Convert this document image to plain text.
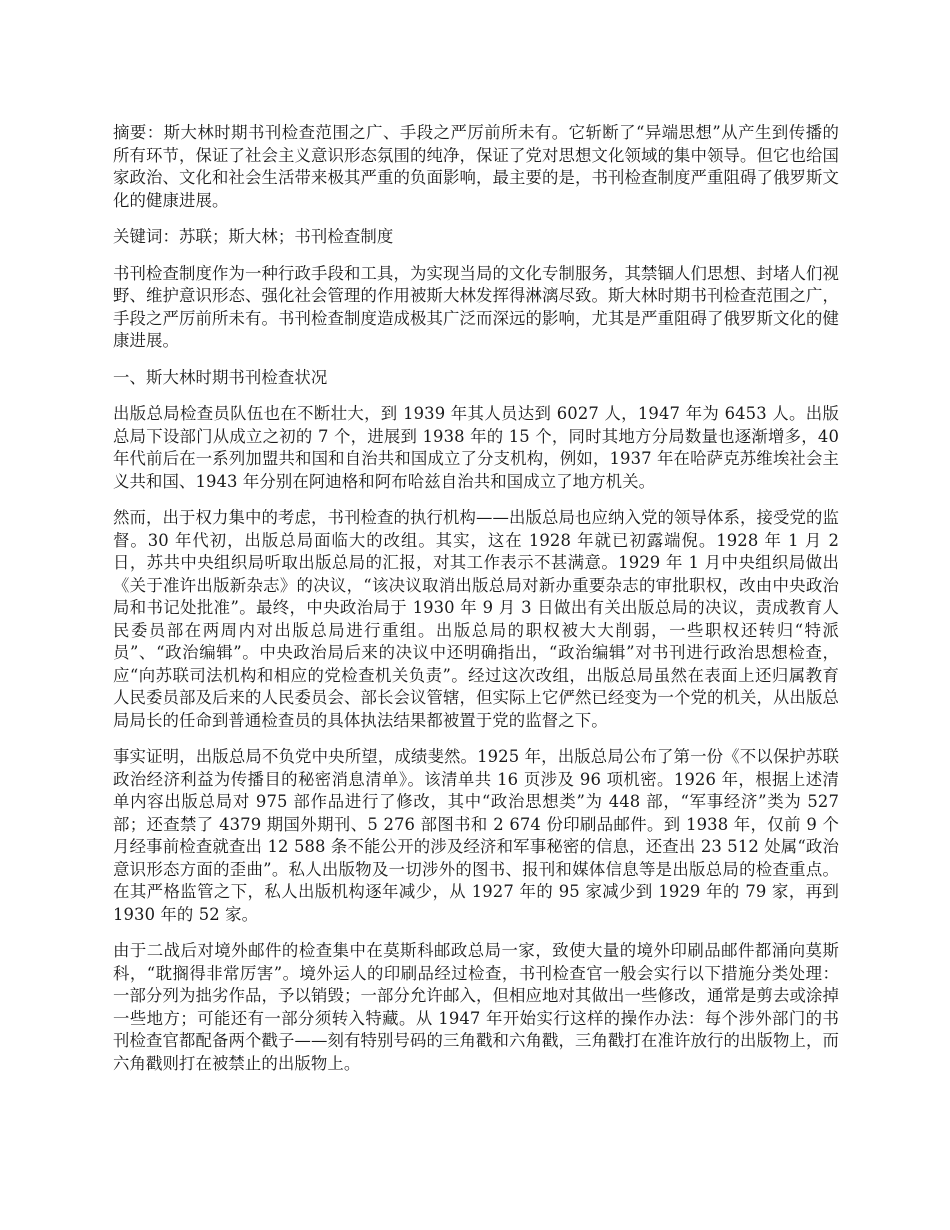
摘要：斯大林时期书刊检查范围之广、手段之严厉前所未有。它斩断了“异端思想”从产生到传播的所有环节，保证了社会主义意识形态氛围的纯净，保证了党对思想文化领域的集中领导。但它也给国家政治、文化和社会生活带来极其严重的负面影响，最主要的是，书刊检查制度严重阻碍了俄罗斯文化的健康进展。

关键词：苏联；斯大林；书刊检查制度

书刊检查制度作为一种行政手段和工具，为实现当局的文化专制服务，其禁锢人们思想、封堵人们视野、维护意识形态、强化社会管理的作用被斯大林发挥得淋漓尽致。斯大林时期书刊检查范围之广，手段之严厉前所未有。书刊检查制度造成极其广泛而深远的影响，尤其是严重阻碍了俄罗斯文化的健康进展。

一、斯大林时期书刊检查状况

出版总局检查员队伍也在不断壮大，到 1939 年其人员达到 6027 人，1947 年为 6453 人。出版总局下设部门从成立之初的 7 个，进展到 1938 年的 15 个，同时其地方分局数量也逐渐增多，40 年代前后在一系列加盟共和国和自治共和国成立了分支机构，例如，1937 年在哈萨克苏维埃社会主义共和国、1943 年分别在阿迪格和阿布哈兹自治共和国成立了地方机关。

然而，出于权力集中的考虑，书刊检查的执行机构——出版总局也应纳入党的领导体系，接受党的监督。30 年代初，出版总局面临大的改组。其实，这在 1928 年就已初露端倪。1928 年 1 月 2 日，苏共中央组织局听取出版总局的汇报，对其工作表示不甚满意。1929 年 1 月中央组织局做出《关于准许出版新杂志》的决议，“该决议取消出版总局对新办重要杂志的审批职权，改由中央政治局和书记处批准”。最终，中央政治局于 1930 年 9 月 3 日做出有关出版总局的决议，责成教育人民委员部在两周内对出版总局进行重组。出版总局的职权被大大削弱，一些职权还转归“特派员”、“政治编辑”。中央政治局后来的决议中还明确指出，“政治编辑”对书刊进行政治思想检查，应“向苏联司法机构和相应的党检查机关负责”。经过这次改组，出版总局虽然在表面上还归属教育人民委员部及后来的人民委员会、部长会议管辖，但实际上它俨然已经变为一个党的机关，从出版总局局长的任命到普通检查员的具体执法结果都被置于党的监督之下。

事实证明，出版总局不负党中央所望，成绩斐然。1925 年，出版总局公布了第一份《不以保护苏联政治经济利益为传播目的秘密消息清单》。该清单共 16 页涉及 96 项机密。1926 年，根据上述清单内容出版总局对 975 部作品进行了修改，其中“政治思想类”为 448 部，“军事经济”类为 527 部；还查禁了 4379 期国外期刊、5 276 部图书和 2 674 份印刷品邮件。到 1938 年，仅前 9 个月经事前检查就查出 12 588 条不能公开的涉及经济和军事秘密的信息，还查出 23 512 处属“政治意识形态方面的歪曲”。私人出版物及一切涉外的图书、报刊和媒体信息等是出版总局的检查重点。在其严格监管之下，私人出版机构逐年减少，从 1927 年的 95 家减少到 1929 年的 79 家，再到 1930 年的 52 家。

由于二战后对境外邮件的检查集中在莫斯科邮政总局一家，致使大量的境外印刷品邮件都涌向莫斯科，“耽搁得非常厉害”。境外运人的印刷品经过检查，书刊检查官一般会实行以下措施分类处理：一部分列为拙劣作品，予以销毁；一部分允许邮入，但相应地对其做出一些修改，通常是剪去或涂掉一些地方；可能还有一部分须转入特藏。从 1947 年开始实行这样的操作办法：每个涉外部门的书刊检查官都配备两个戳子——刻有特别号码的三角戳和六角戳，三角戳打在准许放行的出版物上，而六角戳则打在被禁止的出版物上。
